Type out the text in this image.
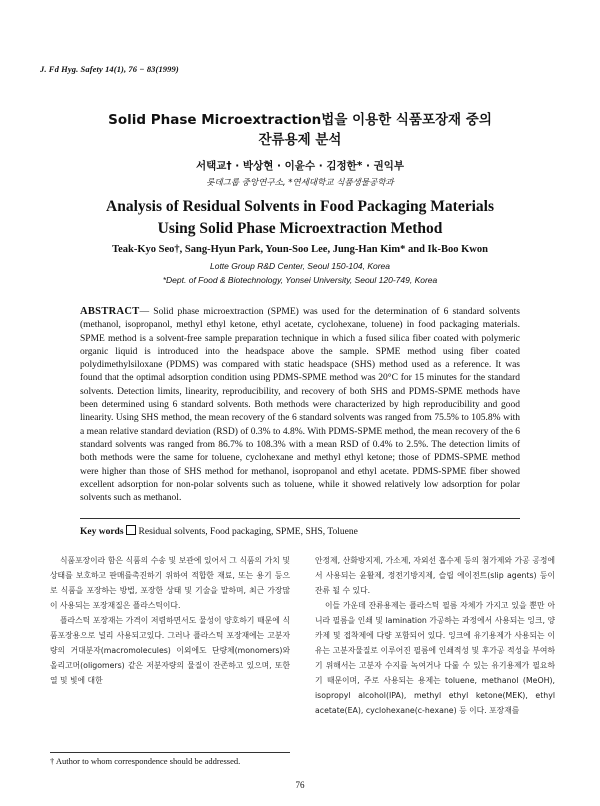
J. Fd Hyg. Safety 14(1), 76 − 83(1999)
Solid Phase Microextraction법을 이용한 식품포장재 중의
잔류용제 분석
서택교† · 박상현 · 이윤수 · 김정한* · 권익부
롯데그룹 중앙연구소, *연세대학교 식품생물공학과
Analysis of Residual Solvents in Food Packaging Materials
Using Solid Phase Microextraction Method
Teak-Kyo Seo†, Sang-Hyun Park, Youn-Soo Lee, Jung-Han Kim* and Ik-Boo Kwon
Lotte Group R&D Center, Seoul 150-104, Korea
*Dept. of Food & Biotechnology, Yonsei University, Seoul 120-749, Korea
ABSTRACT— Solid phase microextraction (SPME) was used for the determination of 6 standard solvents (methanol, isopropanol, methyl ethyl ketone, ethyl acetate, cyclohexane, toluene) in food packaging materials. SPME method is a solvent-free sample preparation technique in which a fused silica fiber coated with polymeric organic liquid is introduced into the headspace above the sample. SPME method using fiber coated polydimethylsiloxane (PDMS) was compared with static headspace (SHS) method used as a reference. It was found that the optimal adsorption condition using PDMS-SPME method was 20°C for 15 minutes for the standard solvents. Detection limits, linearity, reproducibility, and recovery of both SHS and PDMS-SPME methods have been determined using 6 standard solvents. Both methods were characterized by high reproducibility and good linearity. Using SHS method, the mean recovery of the 6 standard solvents was ranged from 75.5% to 105.8% with a mean relative standard deviation (RSD) of 0.3% to 4.8%. With PDMS-SPME method, the mean recovery of the 6 standard solvents was ranged from 86.7% to 108.3% with a mean RSD of 0.4% to 2.5%. The detection limits of both methods were the same for toluene, cyclohexane and methyl ethyl ketone; those of PDMS-SPME method were higher than those of SHS method for methanol, isopropanol and ethyl acetate. PDMS-SPME fiber showed excellent adsorption for non-polar solvents such as toluene, while it showed relatively low adsorption for polar solvents such as methanol.
Key words Residual solvents, Food packaging, SPME, SHS, Toluene

식품포장이라 함은 식품의 수송 및 보관에 있어서 그 식품의 가치 및 상태를 보호하고 판매를촉진하기 위하여 적합한 재료, 또는 용기 등으로 식품을 포장하는 방법, 포장한 상태 및 기술을 말하며, 최근 가장많이 사용되는 포장재질은 플라스틱이다.

플라스틱 포장재는 가격이 저렴하면서도 물성이 양호하기 때문에 식품포장용으로 널리 사용되고있다. 그러나 플라스틱 포장재에는 고분자량의 거대분자(macromolecules) 이외에도 단량체(monomers)와 올리고머(oligomers) 같은 저분자량의 물질이 잔존하고 있으며, 또한 열 및 빛에 대한

안정제, 산화방지제, 가소제, 자외선 흡수제 등의 첨가제와 가공 공정에서 사용되는 윤활제, 정전기방지제, 슬립 에이전트(slip agents) 등이 잔류 될 수 있다.

이들 가운데 잔류용제는 플라스틱 필름 자체가 가지고 있을 뿐만 아니라 필름을 인쇄 및 lamination 가공하는 과정에서 사용되는 잉크, 양카제 및 접착제에 다량 포함되어 있다. 잉크에 유기용제가 사용되는 이유는 고분자물질로 이루어진 필름에 인쇄적성 및 후가공 적성을 부여하기 위해서는 고분자 수지를 녹여거나 다룰 수 있는 유기용제가 필요하기 때문이며, 주로 사용되는 용제는 toluene, methanol (MeOH), isopropyl alcohol(IPA), methyl ethyl ketone(MEK), ethyl acetate(EA), cyclohexane(c-hexane) 등 이다. 포장재를

† Author to whom correspondence should be addressed.
76
